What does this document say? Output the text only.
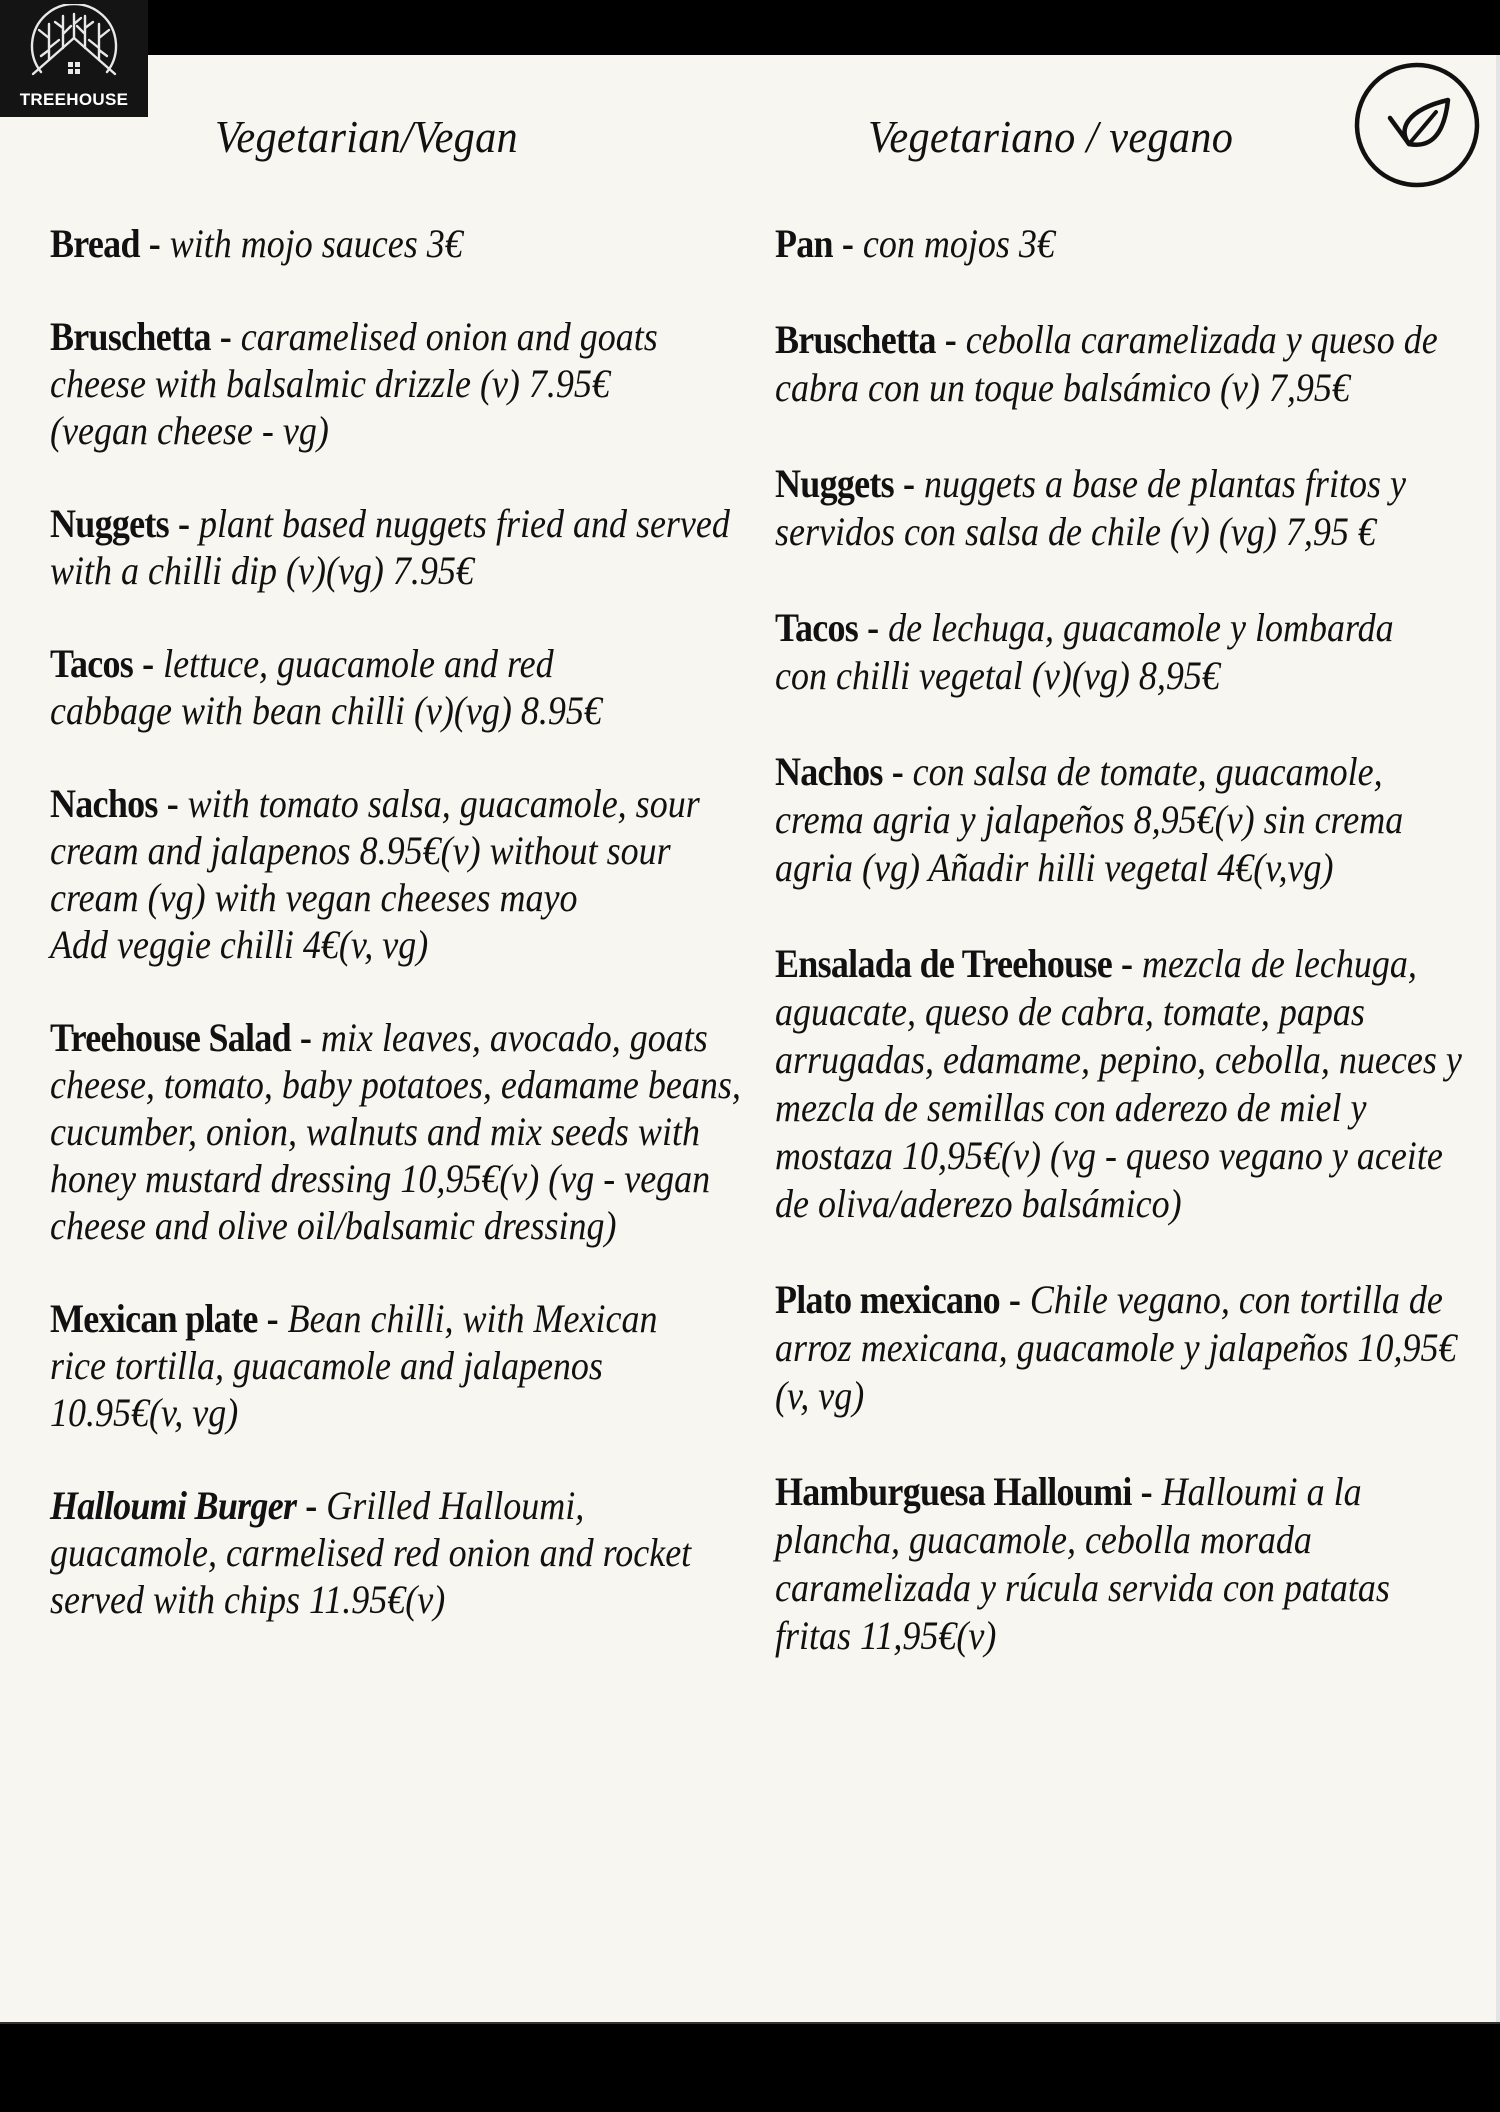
TREEHOUSE
Vegetarian/Vegan	Vegetariano / vegano

Bread - with mojo sauces 3€

Bruschetta - caramelised onion and goats cheese with balsalmic drizzle (v) 7.95€(vegan cheese - vg)

Nuggets - plant based nuggets fried and served with a chilli dip (v)(vg) 7.95€

Tacos - lettuce, guacamole and red cabbage with bean chilli (v)(vg) 8.95€

Nachos - with tomato salsa, guacamole, sour cream and jalapenos 8.95€(v) without sour cream (vg) with vegan cheeses mayo
Add veggie chilli 4€(v, vg)

Treehouse Salad - mix leaves, avocado, goats cheese, tomato, baby potatoes, edamame beans, cucumber, onion, walnuts and mix seeds with honey mustard dressing 10,95€(v) (vg - vegan cheese and olive oil/balsamic dressing)

Mexican plate - Bean chilli, with Mexican rice tortilla, guacamole and jalapenos 10.95€(v, vg)

Halloumi Burger - Grilled Halloumi, guacamole, carmelised red onion and rocket served with chips 11.95€(v)

Pan - con mojos 3€

Bruschetta - cebolla caramelizada y queso de cabra con un toque balsámico (v) 7,95€

Nuggets - nuggets a base de plantas fritos y servidos con salsa de chile (v) (vg) 7,95 €

Tacos - de lechuga, guacamole y lombarda con chilli vegetal (v)(vg) 8,95€

Nachos - con salsa de tomate, guacamole, crema agria y jalapeños 8,95€(v) sin crema agria (vg) Añadir hilli vegetal 4€(v,vg)

Ensalada de Treehouse - mezcla de lechuga, aguacate, queso de cabra, tomate, papas arrugadas, edamame, pepino, cebolla, nueces y mezcla de semillas con aderezo de miel y mostaza 10,95€(v) (vg - queso vegano y aceite de oliva/aderezo balsámico)

Plato mexicano - Chile vegano, con tortilla de arroz mexicana, guacamole y jalapeños 10,95€(v, vg)

Hamburguesa Halloumi - Halloumi a la plancha, guacamole, cebolla morada caramelizada y rúcula servida con patatas fritas 11,95€(v)
